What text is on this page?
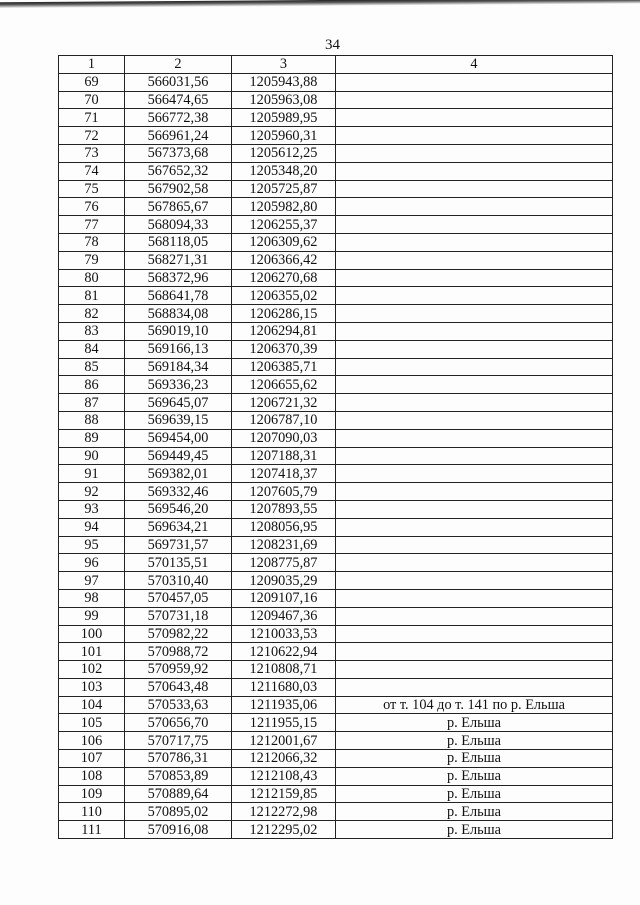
34
1	2	3	4
69	566031,56	1205943,88	
70	566474,65	1205963,08	
71	566772,38	1205989,95	
72	566961,24	1205960,31	
73	567373,68	1205612,25	
74	567652,32	1205348,20	
75	567902,58	1205725,87	
76	567865,67	1205982,80	
77	568094,33	1206255,37	
78	568118,05	1206309,62	
79	568271,31	1206366,42	
80	568372,96	1206270,68	
81	568641,78	1206355,02	
82	568834,08	1206286,15	
83	569019,10	1206294,81	
84	569166,13	1206370,39	
85	569184,34	1206385,71	
86	569336,23	1206655,62	
87	569645,07	1206721,32	
88	569639,15	1206787,10	
89	569454,00	1207090,03	
90	569449,45	1207188,31	
91	569382,01	1207418,37	
92	569332,46	1207605,79	
93	569546,20	1207893,55	
94	569634,21	1208056,95	
95	569731,57	1208231,69	
96	570135,51	1208775,87	
97	570310,40	1209035,29	
98	570457,05	1209107,16	
99	570731,18	1209467,36	
100	570982,22	1210033,53	
101	570988,72	1210622,94	
102	570959,92	1210808,71	
103	570643,48	1211680,03	
104	570533,63	1211935,06	от т. 104 до т. 141 по р. Ельша
105	570656,70	1211955,15	р. Ельша
106	570717,75	1212001,67	р. Ельша
107	570786,31	1212066,32	р. Ельша
108	570853,89	1212108,43	р. Ельша
109	570889,64	1212159,85	р. Ельша
110	570895,02	1212272,98	р. Ельша
111	570916,08	1212295,02	р. Ельша
